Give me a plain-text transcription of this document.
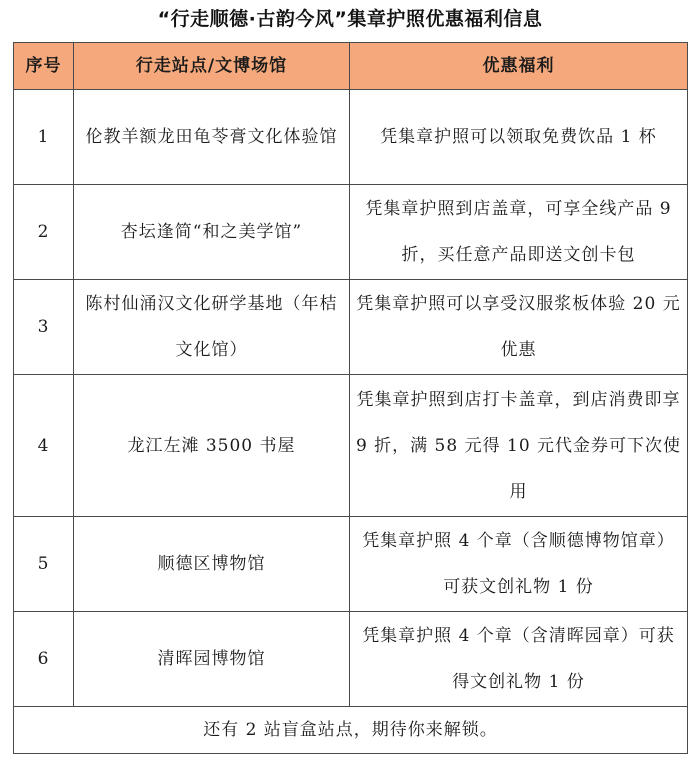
“行走顺德·古韵今风”集章护照优惠福利信息
序号	行走站点/文博场馆	优惠福利
1	伦教羊额龙田龟苓膏文化体验馆	凭集章护照可以领取免费饮品 1 杯
2	杏坛逢简“和之美学馆”	凭集章护照到店盖章，可享全线产品 9 折，买任意产品即送文创卡包
3	陈村仙涌汉文化研学基地（年桔文化馆）	凭集章护照可以享受汉服浆板体验 20 元优惠
4	龙江左滩 3500 书屋	凭集章护照到店打卡盖章，到店消费即享 9 折，满 58 元得 10 元代金券可下次使用
5	顺德区博物馆	凭集章护照 4 个章（含顺德博物馆章）可获文创礼物 1 份
6	清晖园博物馆	凭集章护照 4 个章（含清晖园章）可获得文创礼物 1 份
还有 2 站盲盒站点，期待你来解锁。		
